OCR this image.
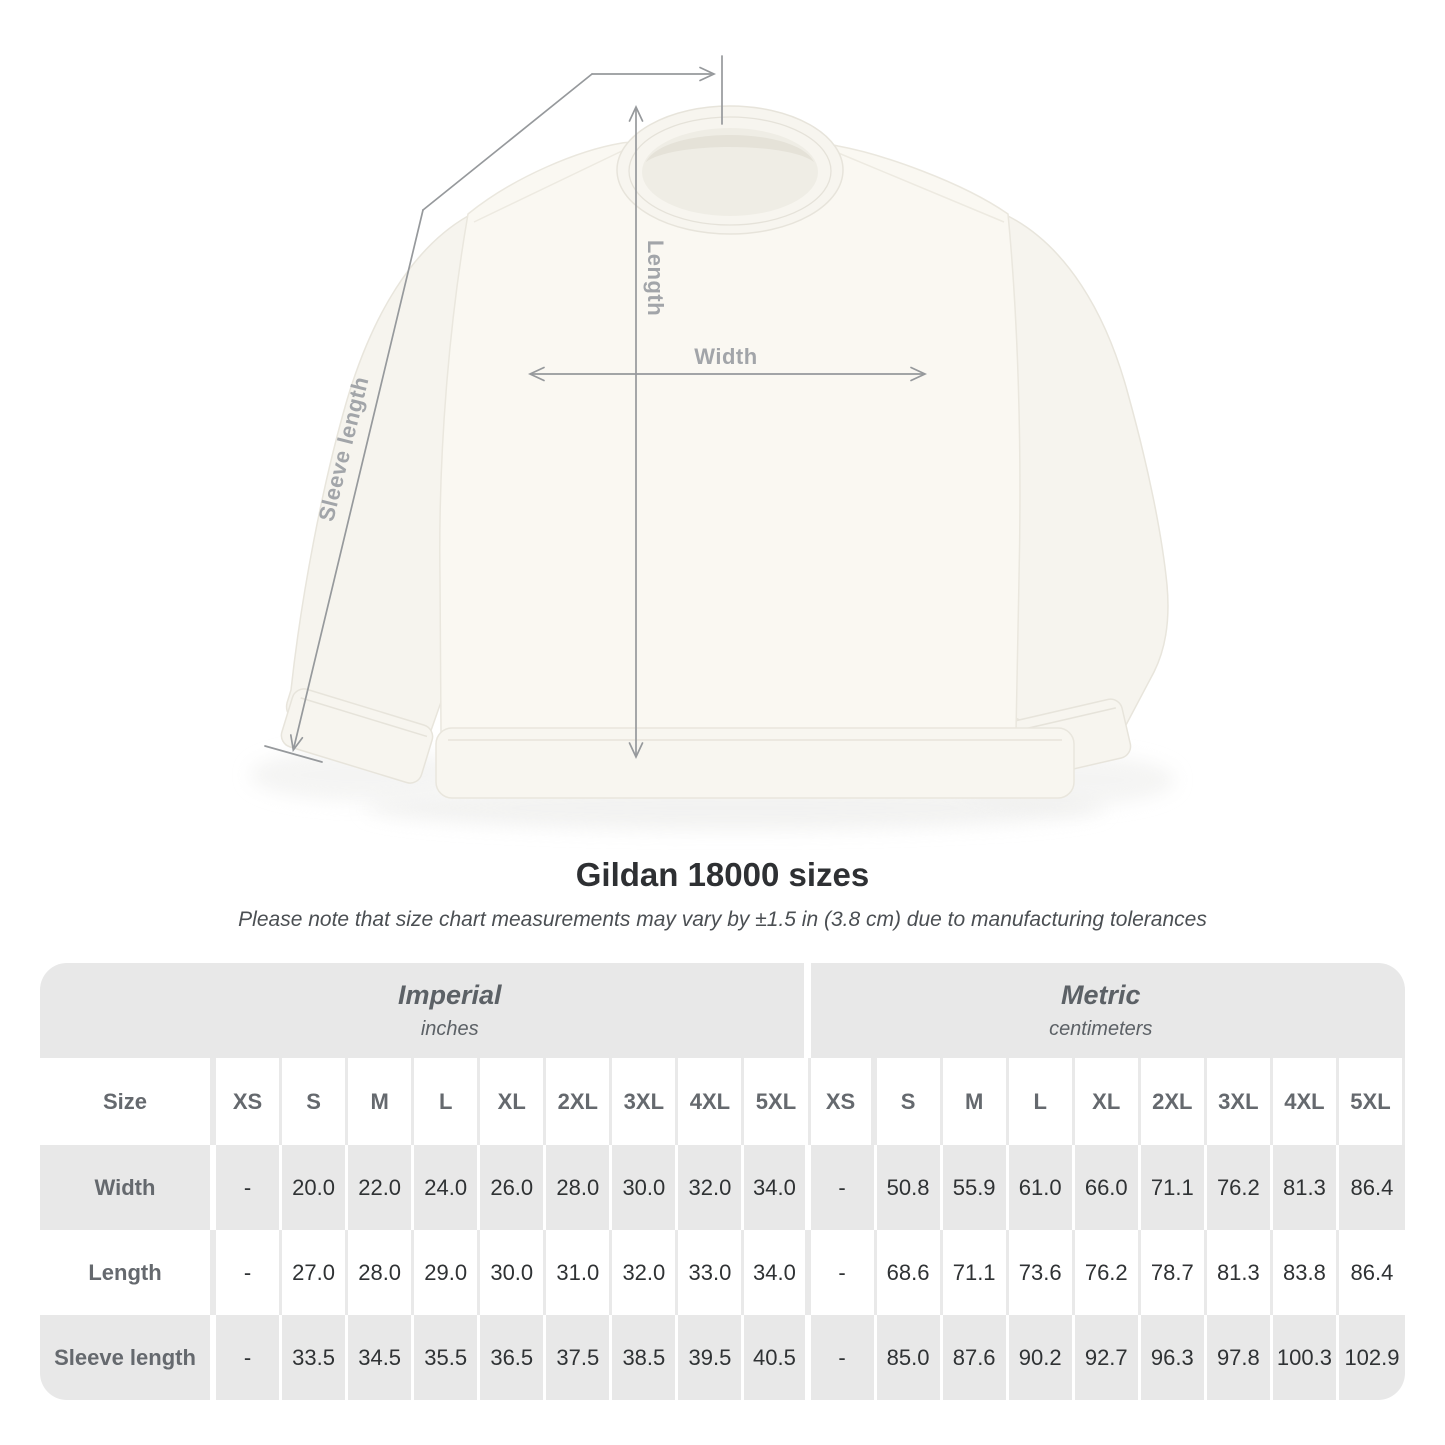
Length
Width
Sleeve length
Gildan 18000 sizes

Please note that size chart measurements may vary by ±1.5 in (3.8 cm) due to manufacturing tolerances

Imperial
inches
Metric
centimeters
Size	XS	S	M	L	XL	2XL	3XL	4XL	5XL	XS	S	M	L	XL	2XL	3XL	4XL	5XL
Width	-	20.0	22.0	24.0	26.0	28.0	30.0	32.0 34.0	-	50.8	55.9	61.0	66.0	71.1	76.2	81.3	86.4
Length	-	27.0	28.0	29.0	30.0	31.0	32.0	33.0 34.0	-	68.6	71.1	73.6	76.2	78.7	81.3	83.8	86.4
Sleeve length	-	33.5	34.5	35.5	36.5	37.5	38.5	39.5 40.5	-	85.0	87.6	90.2	92.7	96.3	97.8 100.3 102.9
